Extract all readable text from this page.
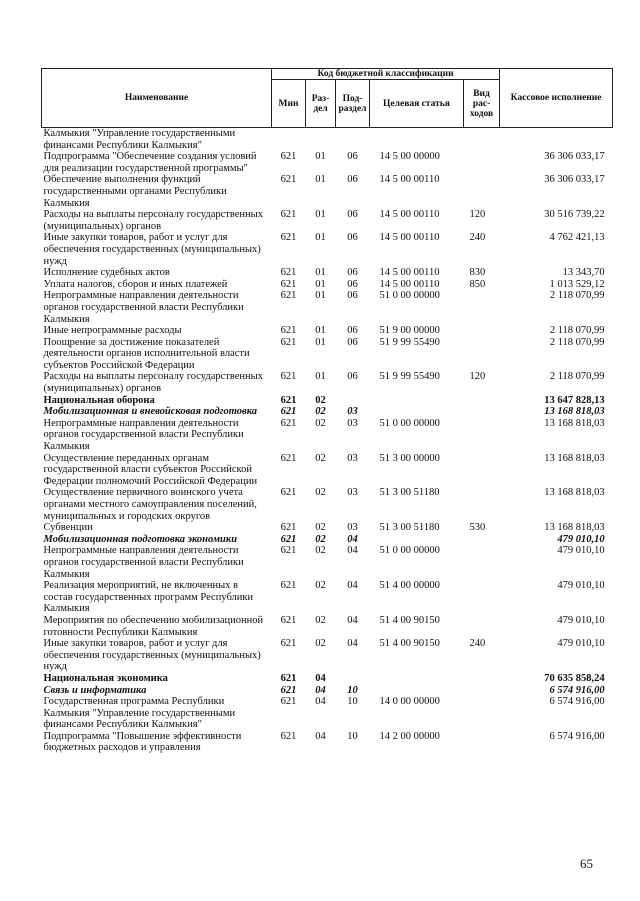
Наименование	Код бюджетной классификации					Кассовое исполнение
	Мин	Раз-дел	Под-раздел	Целевая статья	Вид рас-ходов	
Калмыкия "Управление государственными финансами Республики Калмыкия"						
Подпрограмма "Обеспечение создания условий для реализации государственной программы"	621	01	06	14 5 00 00000		36 306 033,17
Обеспечение выполнения функций государственными органами Республики Калмыкия	621	01	06	14 5 00 00110		36 306 033,17
Расходы на выплаты персоналу государственных (муниципальных) органов	621	01	06	14 5 00 00110	120	30 516 739,22
Иные закупки товаров, работ и услуг для обеспечения государственных (муниципальных) нужд	621	01	06	14 5 00 00110	240	4 762 421,13
Исполнение судебных актов	621	01	06	14 5 00 00110	830	13 343,70
Уплата налогов, сборов и иных платежей	621	01	06	14 5 00 00110	850	1 013 529,12
Непрограммные направления деятельности органов государственной власти Республики Калмыкия	621	01	06	51 0 00 00000		2 118 070,99
Иные непрограммные расходы	621	01	06	51 9 00 00000		2 118 070,99
Поощрение за достижение показателей деятельности органов исполнительной власти субъектов Российской Федерации	621	01	06	51 9 99 55490		2 118 070,99
Расходы на выплаты персоналу государственных (муниципальных) органов	621	01	06	51 9 99 55490	120	2 118 070,99
Национальная оборона	621	02				13 647 828,13
Мобилизационная и вневойсковая подготовка	621	02	03			13 168 818,03
Непрограммные направления деятельности органов государственной власти Республики Калмыкия	621	02	03	51 0 00 00000		13 168 818,03
Осуществление переданных органам государственной власти субъектов Российской Федерации полномочий Российской Федерации	621	02	03	51 3 00 00000		13 168 818,03
Осуществление первичного воинского учета органами местного самоуправления поселений, муниципальных и городских округов	621	02	03	51 3 00 51180		13 168 818,03
Субвенции	621	02	03	51 3 00 51180	530	13 168 818,03
Мобилизационная подготовка экономики	621	02	04			479 010,10
Непрограммные направления деятельности органов государственной власти Республики Калмыкия	621	02	04	51 0 00 00000		479 010,10
Реализация мероприятий, не включенных в состав государственных программ Республики Калмыкия	621	02	04	51 4 00 00000		479 010,10
Мероприятия по обеспечению мобилизационной готовности Республики Калмыкия	621	02	04	51 4 00 90150		479 010,10
Иные закупки товаров, работ и услуг для обеспечения государственных (муниципальных) нужд	621	02	04	51 4 00 90150	240	479 010,10
Национальная экономика	621	04				70 635 858,24
Связь и информатика	621	04	10			6 574 916,00
Государственная программа Республики Калмыкия "Управление государственными финансами Республики Калмыкия"	621	04	10	14 0 00 00000		6 574 916,00
Подпрограмма "Повышение эффективности бюджетных расходов и управления	621	04	10	14 2 00 00000		6 574 916,00
65
